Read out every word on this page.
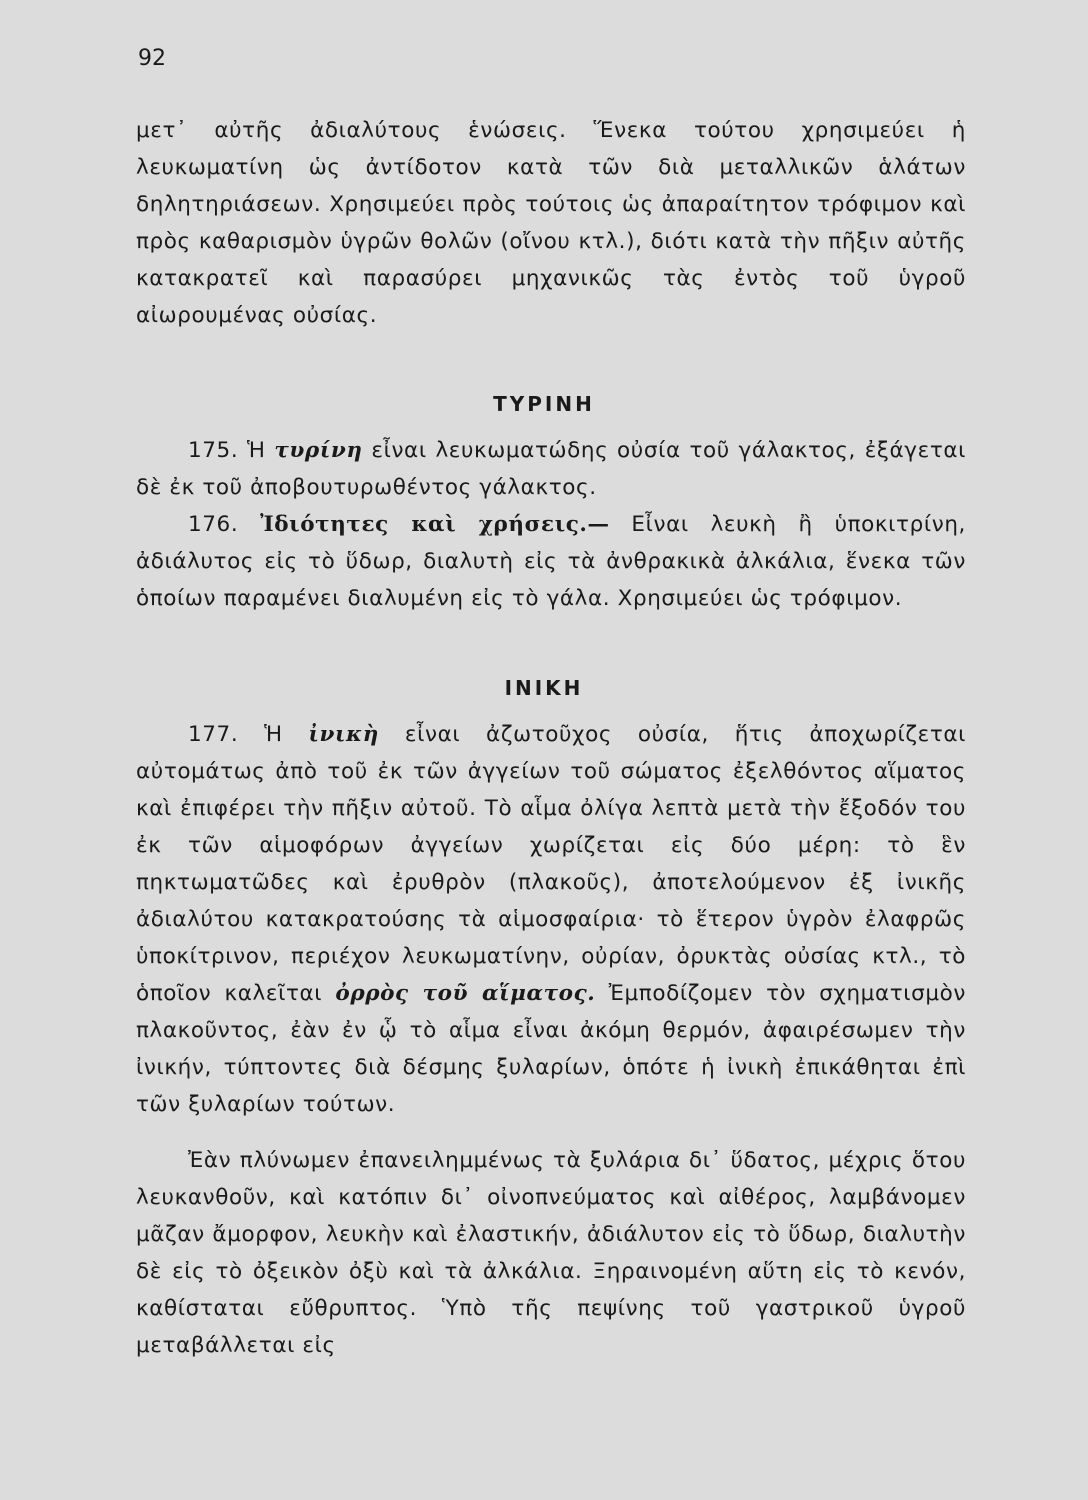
92
μετ᾽ αὐτῆς ἀδιαλύτους ἑνώσεις. Ἕνεκα τούτου χρησιμεύει ἡ λευκωματίνη ὡς ἀντίδοτον κατὰ τῶν διὰ μεταλλικῶν ἁλάτων δηλητηριάσεων. Χρησιμεύει πρὸς τούτοις ὡς ἀπαραίτητον τρόφιμον καὶ πρὸς καθαρισμὸν ὑγρῶν θολῶν (οἴνου κτλ.), διότι κατὰ τὴν πῆξιν αὐτῆς κατακρατεῖ καὶ παρασύρει μηχανικῶς τὰς ἐντὸς τοῦ ὑγροῦ αἰωρουμένας οὐσίας.
ΤΥΡΙΝΗ
175. Ἡ τυρίνη εἶναι λευκωματώδης οὐσία τοῦ γάλακτος, ἐξάγεται δὲ ἐκ τοῦ ἀποβουτυρωθέντος γάλακτος.
176. Ἰδιότητες καὶ χρήσεις.— Εἶναι λευκὴ ἢ ὑποκιτρίνη, ἀδιάλυτος εἰς τὸ ὕδωρ, διαλυτὴ εἰς τὰ ἀνθρακικὰ ἀλκάλια, ἕνεκα τῶν ὁποίων παραμένει διαλυμένη εἰς τὸ γάλα. Χρησιμεύει ὡς τρόφιμον.
ΙΝΙΚΗ
177. Ἡ ἰνικὴ εἶναι ἀζωτοῦχος οὐσία, ἥτις ἀποχωρίζεται αὐτομάτως ἀπὸ τοῦ ἐκ τῶν ἀγγείων τοῦ σώματος ἐξελθόντος αἵματος καὶ ἐπιφέρει τὴν πῆξιν αὐτοῦ. Τὸ αἷμα ὀλίγα λεπτὰ μετὰ τὴν ἔξοδόν του ἐκ τῶν αἱμοφόρων ἀγγείων χωρίζεται εἰς δύο μέρη: τὸ ἓν πηκτωματῶδες καὶ ἐρυθρὸν (πλακοῦς), ἀποτελούμενον ἐξ ἰνικῆς ἀδιαλύτου κατακρατούσης τὰ αἱμοσφαίρια· τὸ ἕτερον ὑγρὸν ἐλαφρῶς ὑποκίτρινον, περιέχον λευκωματίνην, οὐρίαν, ὀρυκτὰς οὐσίας κτλ., τὸ ὁποῖον καλεῖται ὀρρὸς τοῦ αἵματος. Ἐμποδίζομεν τὸν σχηματισμὸν πλακοῦντος, ἐὰν ἐν ᾧ τὸ αἷμα εἶναι ἀκόμη θερμόν, ἀφαιρέσωμεν τὴν ἰνικήν, τύπτοντες διὰ δέσμης ξυλαρίων, ὁπότε ἡ ἰνικὴ ἐπικάθηται ἐπὶ τῶν ξυλαρίων τούτων.
Ἐὰν πλύνωμεν ἐπανειλημμένως τὰ ξυλάρια δι᾽ ὕδατος, μέχρις ὅτου λευκανθοῦν, καὶ κατόπιν δι᾽ οἰνοπνεύματος καὶ αἰθέρος, λαμβάνομεν μᾶζαν ἄμορφον, λευκὴν καὶ ἐλαστικήν, ἀδιάλυτον εἰς τὸ ὕδωρ, διαλυτὴν δὲ εἰς τὸ ὀξεικὸν ὀξὺ καὶ τὰ ἀλκάλια. Ξηραινομένη αὕτη εἰς τὸ κενόν, καθίσταται εὔθρυπτος. Ὑπὸ τῆς πεψίνης τοῦ γαστρικοῦ ὑγροῦ μεταβάλλεται εἰς
